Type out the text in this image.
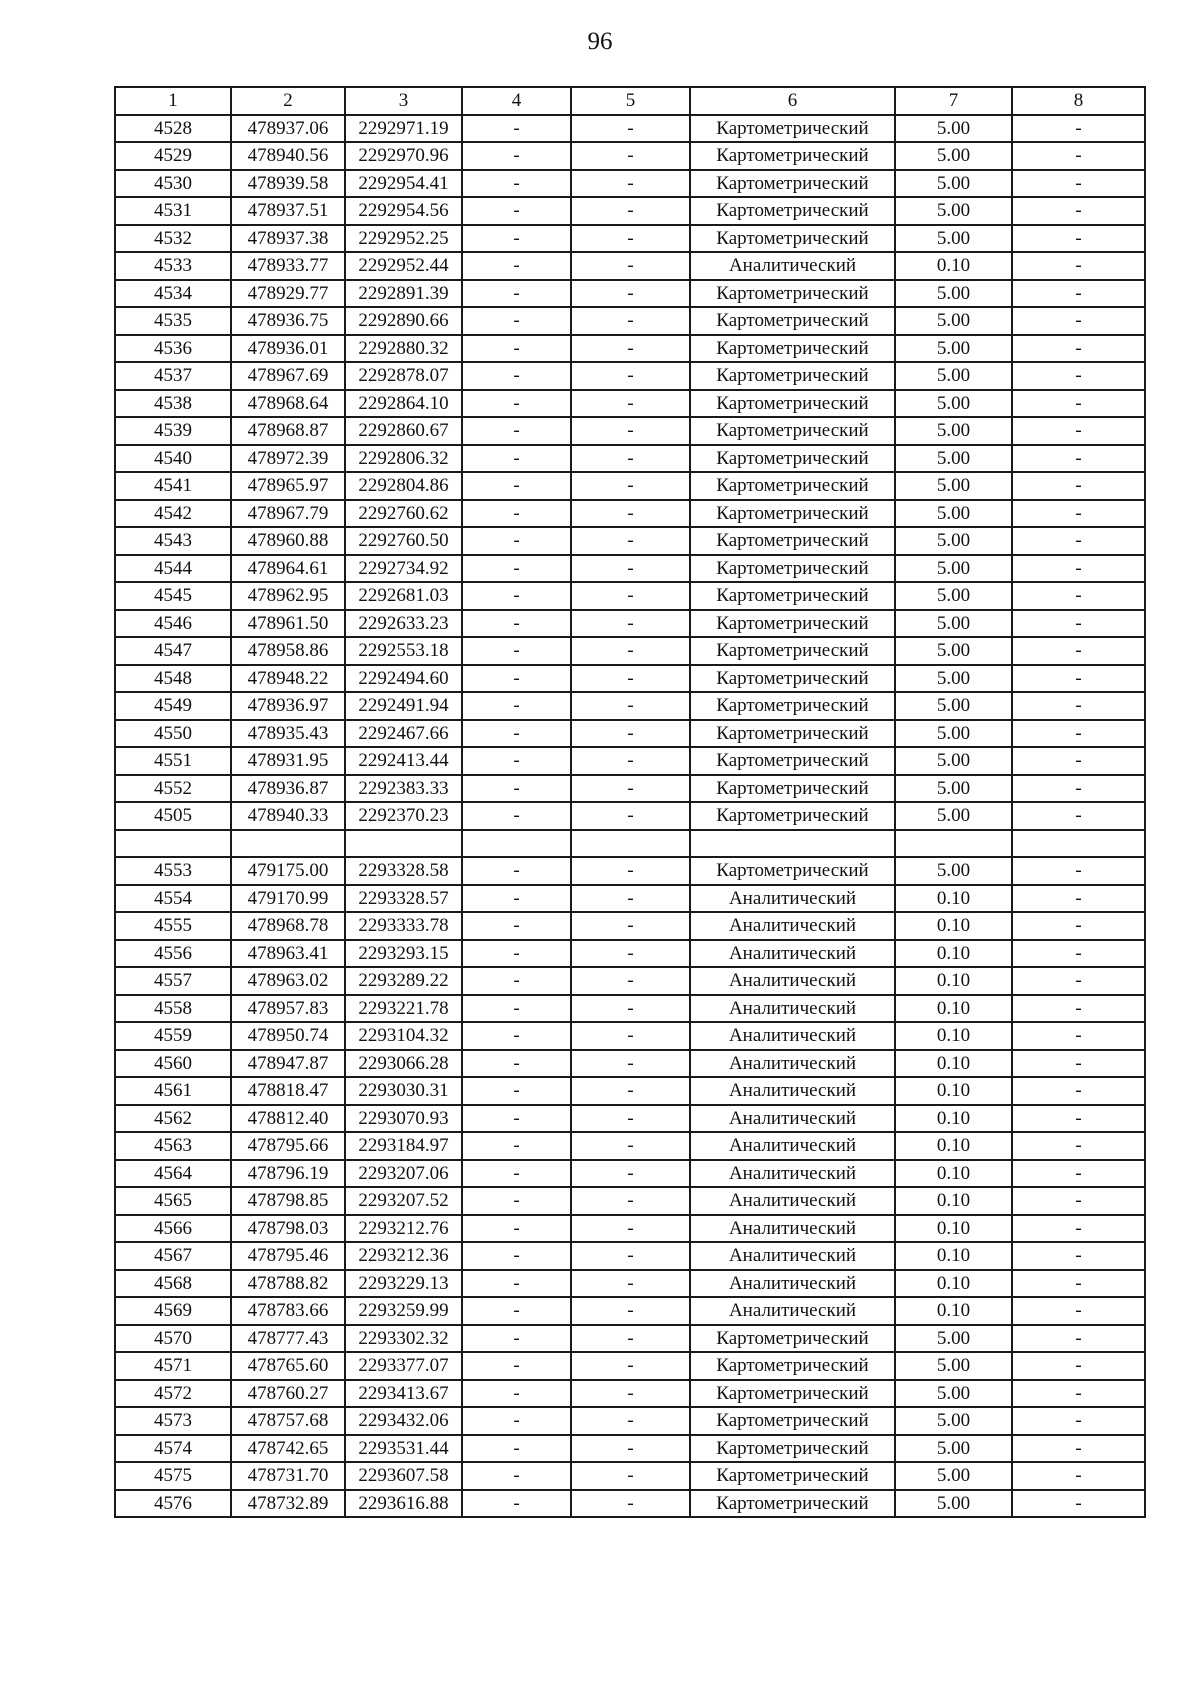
96
1	2	3	4	5	6	7	8
4528	478937.06	2292971.19	-	-	Картометрический	5.00	-
4529	478940.56	2292970.96	-	-	Картометрический	5.00	-
4530	478939.58	2292954.41	-	-	Картометрический	5.00	-
4531	478937.51	2292954.56	-	-	Картометрический	5.00	-
4532	478937.38	2292952.25	-	-	Картометрический	5.00	-
4533	478933.77	2292952.44	-	-	Аналитический	0.10	-
4534	478929.77	2292891.39	-	-	Картометрический	5.00	-
4535	478936.75	2292890.66	-	-	Картометрический	5.00	-
4536	478936.01	2292880.32	-	-	Картометрический	5.00	-
4537	478967.69	2292878.07	-	-	Картометрический	5.00	-
4538	478968.64	2292864.10	-	-	Картометрический	5.00	-
4539	478968.87	2292860.67	-	-	Картометрический	5.00	-
4540	478972.39	2292806.32	-	-	Картометрический	5.00	-
4541	478965.97	2292804.86	-	-	Картометрический	5.00	-
4542	478967.79	2292760.62	-	-	Картометрический	5.00	-
4543	478960.88	2292760.50	-	-	Картометрический	5.00	-
4544	478964.61	2292734.92	-	-	Картометрический	5.00	-
4545	478962.95	2292681.03	-	-	Картометрический	5.00	-
4546	478961.50	2292633.23	-	-	Картометрический	5.00	-
4547	478958.86	2292553.18	-	-	Картометрический	5.00	-
4548	478948.22	2292494.60	-	-	Картометрический	5.00	-
4549	478936.97	2292491.94	-	-	Картометрический	5.00	-
4550	478935.43	2292467.66	-	-	Картометрический	5.00	-
4551	478931.95	2292413.44	-	-	Картометрический	5.00	-
4552	478936.87	2292383.33	-	-	Картометрический	5.00	-
4505	478940.33	2292370.23	-	-	Картометрический	5.00	-

4553	479175.00	2293328.58	-	-	Картометрический	5.00	-
4554	479170.99	2293328.57	-	-	Аналитический	0.10	-
4555	478968.78	2293333.78	-	-	Аналитический	0.10	-
4556	478963.41	2293293.15	-	-	Аналитический	0.10	-
4557	478963.02	2293289.22	-	-	Аналитический	0.10	-
4558	478957.83	2293221.78	-	-	Аналитический	0.10	-
4559	478950.74	2293104.32	-	-	Аналитический	0.10	-
4560	478947.87	2293066.28	-	-	Аналитический	0.10	-
4561	478818.47	2293030.31	-	-	Аналитический	0.10	-
4562	478812.40	2293070.93	-	-	Аналитический	0.10	-
4563	478795.66	2293184.97	-	-	Аналитический	0.10	-
4564	478796.19	2293207.06	-	-	Аналитический	0.10	-
4565	478798.85	2293207.52	-	-	Аналитический	0.10	-
4566	478798.03	2293212.76	-	-	Аналитический	0.10	-
4567	478795.46	2293212.36	-	-	Аналитический	0.10	-
4568	478788.82	2293229.13	-	-	Аналитический	0.10	-
4569	478783.66	2293259.99	-	-	Аналитический	0.10	-
4570	478777.43	2293302.32	-	-	Картометрический	5.00	-
4571	478765.60	2293377.07	-	-	Картометрический	5.00	-
4572	478760.27	2293413.67	-	-	Картометрический	5.00	-
4573	478757.68	2293432.06	-	-	Картометрический	5.00	-
4574	478742.65	2293531.44	-	-	Картометрический	5.00	-
4575	478731.70	2293607.58	-	-	Картометрический	5.00	-
4576	478732.89	2293616.88	-	-	Картометрический	5.00	-
